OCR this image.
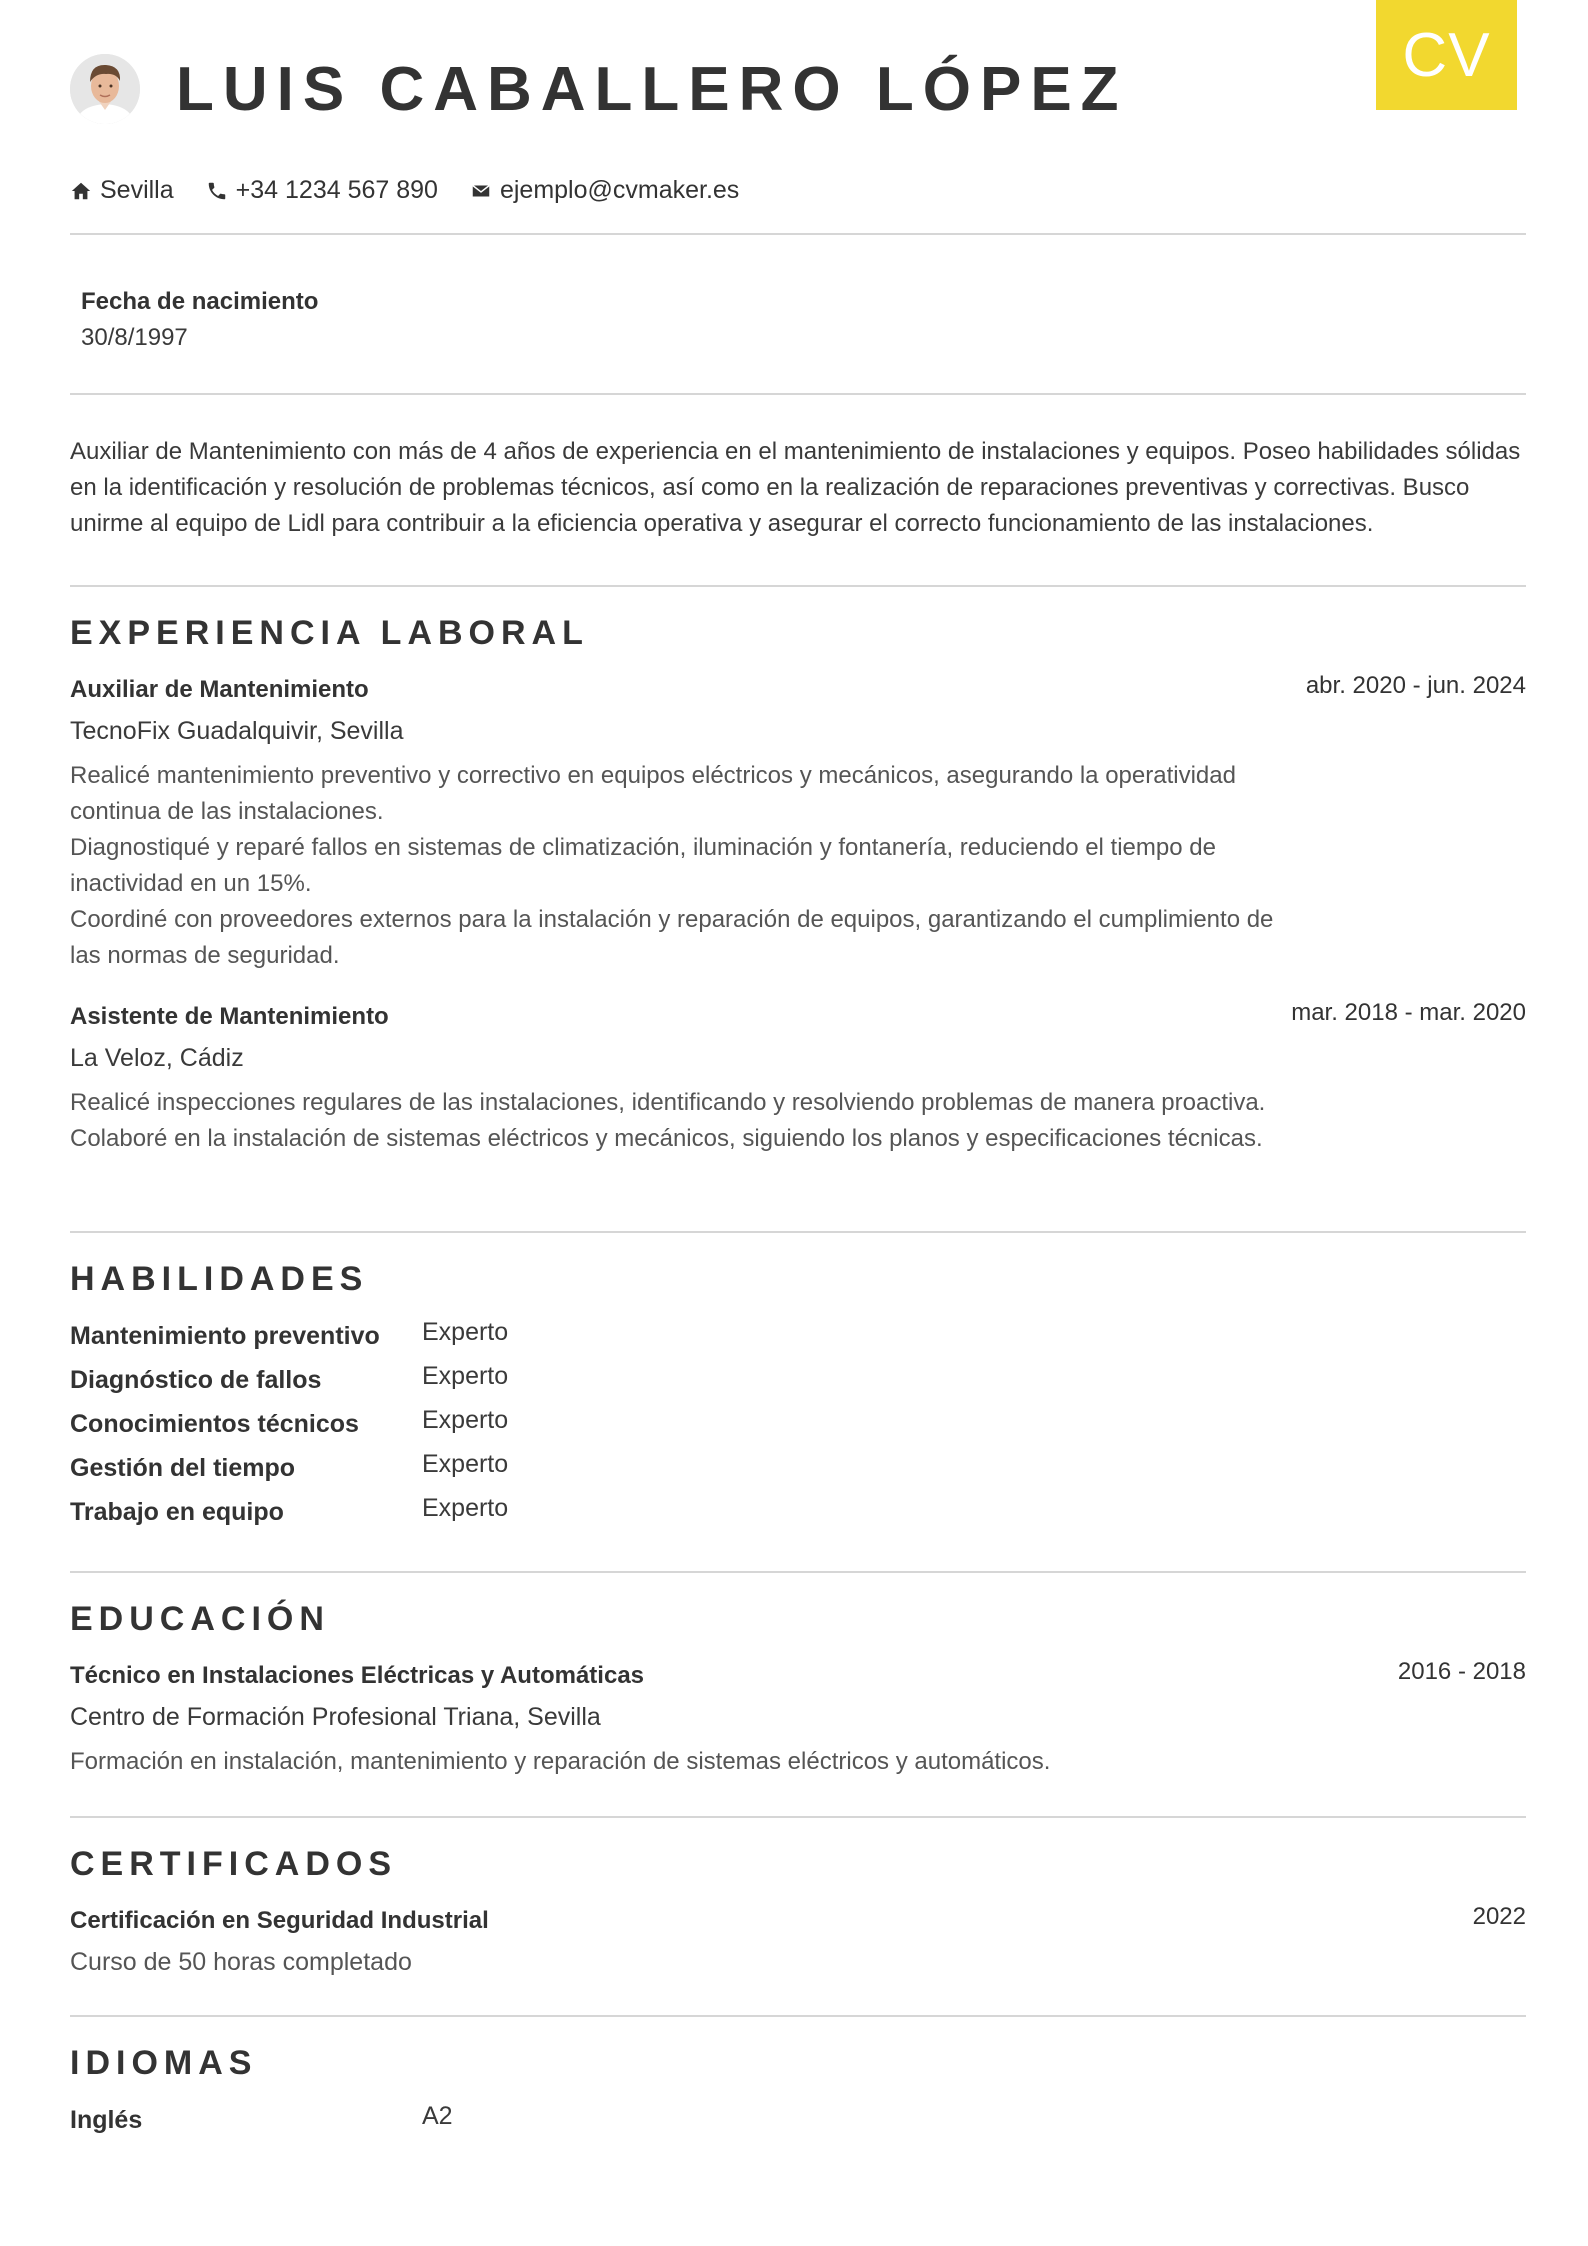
CV
LUIS CABALLERO LÓPEZ
Sevilla +34 1234 567 890 ejemplo@cvmaker.es
Fecha de nacimiento
30/8/1997
Auxiliar de Mantenimiento con más de 4 años de experiencia en el mantenimiento de instalaciones y equipos. Poseo habilidades sólidas en la identificación y resolución de problemas técnicos, así como en la realización de reparaciones preventivas y correctivas. Busco unirme al equipo de Lidl para contribuir a la eficiencia operativa y asegurar el correcto funcionamiento de las instalaciones.
EXPERIENCIA LABORAL
Auxiliar de Mantenimiento	abr. 2020 - jun. 2024
TecnoFix Guadalquivir, Sevilla

Realicé mantenimiento preventivo y correctivo en equipos eléctricos y mecánicos, asegurando la operatividad continua de las instalaciones.

Diagnostiqué y reparé fallos en sistemas de climatización, iluminación y fontanería, reduciendo el tiempo de inactividad en un 15%.

Coordiné con proveedores externos para la instalación y reparación de equipos, garantizando el cumplimiento de las normas de seguridad.

Asistente de Mantenimiento	mar. 2018 - mar. 2020
La Veloz, Cádiz

Realicé inspecciones regulares de las instalaciones, identificando y resolviendo problemas de manera proactiva.

Colaboré en la instalación de sistemas eléctricos y mecánicos, siguiendo los planos y especificaciones técnicas.

HABILIDADES
Mantenimiento preventivo Experto
Diagnóstico de fallos	Experto
Conocimientos técnicos	Experto
Gestión del tiempo	Experto
Trabajo en equipo	Experto
EDUCACIÓN
Técnico en Instalaciones Eléctricas y Automáticas	2016 - 2018
Centro de Formación Profesional Triana, Sevilla

Formación en instalación, mantenimiento y reparación de sistemas eléctricos y automáticos.

CERTIFICADOS
Certificación en Seguridad Industrial	2022
Curso de 50 horas completado
IDIOMAS
Inglés	A2
